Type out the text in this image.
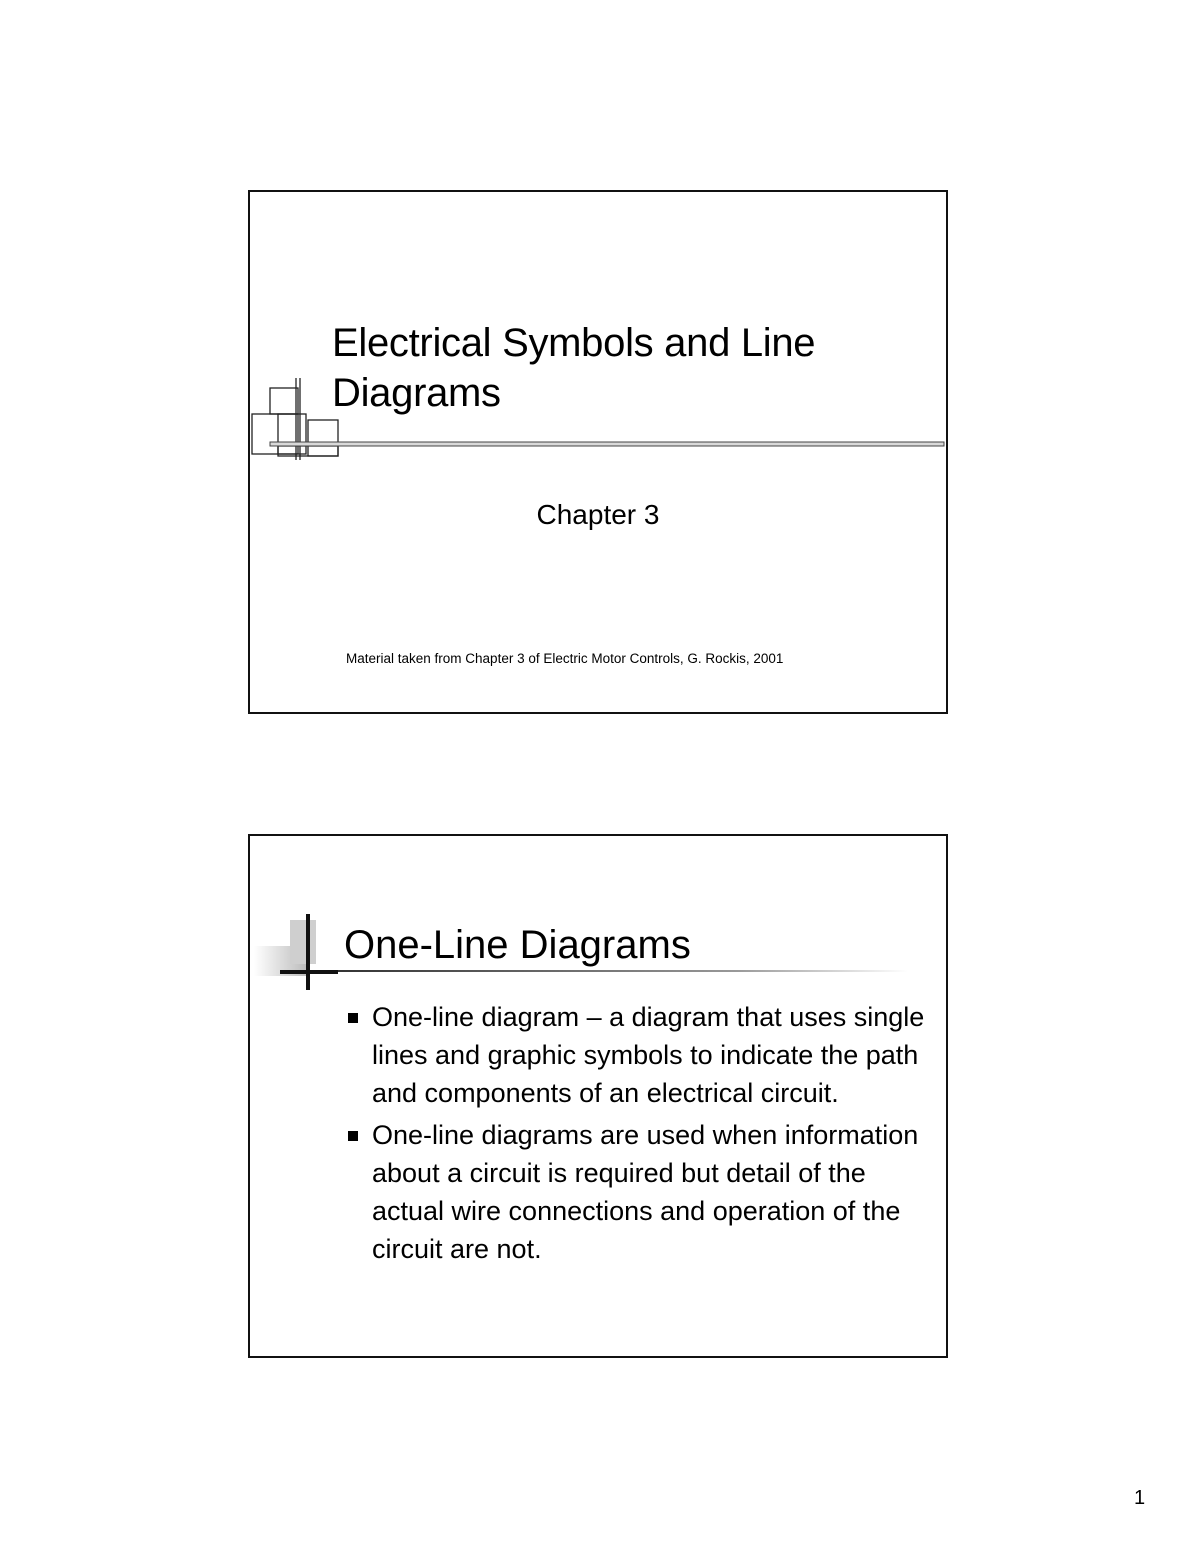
Electrical Symbols and Line Diagrams
Chapter 3
Material taken from Chapter 3 of Electric Motor Controls, G. Rockis, 2001
One-Line Diagrams
One-line diagram – a diagram that uses single lines and graphic symbols to indicate the path and components of an electrical circuit.
One-line diagrams are used when information about a circuit is required but detail of the actual wire connections and operation of the circuit are not.
1
